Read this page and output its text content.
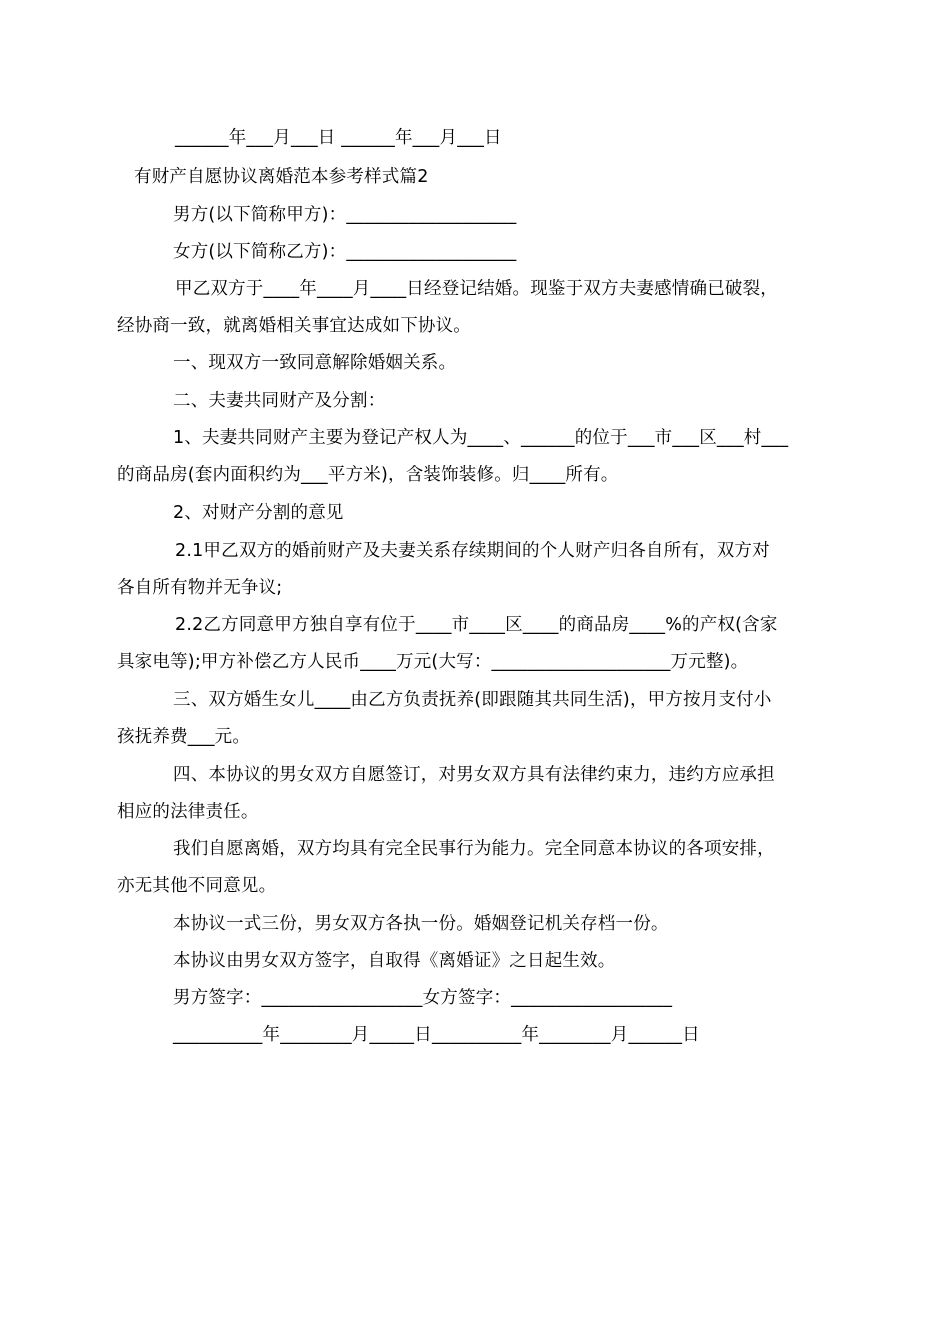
______年___月___日 ______年___月___日

有财产自愿协议离婚范本参考样式篇2

男方(以下简称甲方)：___________________

女方(以下简称乙方)：___________________

甲乙双方于____年____月____日经登记结婚。现鉴于双方夫妻感情确已破裂，

经协商一致，就离婚相关事宜达成如下协议。

一、现双方一致同意解除婚姻关系。

二、夫妻共同财产及分割：

1、夫妻共同财产主要为登记产权人为____、______的位于___市___区___村___

的商品房(套内面积约为___平方米)，含装饰装修。归____所有。

2、对财产分割的意见

2.1甲乙双方的婚前财产及夫妻关系存续期间的个人财产归各自所有，双方对

各自所有物并无争议;

2.2乙方同意甲方独自享有位于____市____区____的商品房____%的产权(含家

具家电等);甲方补偿乙方人民币____万元(大写：____________________万元整)。

三、双方婚生女儿____由乙方负责抚养(即跟随其共同生活)，甲方按月支付小

孩抚养费___元。

四、本协议的男女双方自愿签订，对男女双方具有法律约束力，违约方应承担

相应的法律责任。

我们自愿离婚，双方均具有完全民事行为能力。完全同意本协议的各项安排，

亦无其他不同意见。

本协议一式三份，男女双方各执一份。婚姻登记机关存档一份。

本协议由男女双方签字，自取得《离婚证》之日起生效。

男方签字：__________________女方签字：__________________

__________年________月_____日__________年________月______日
